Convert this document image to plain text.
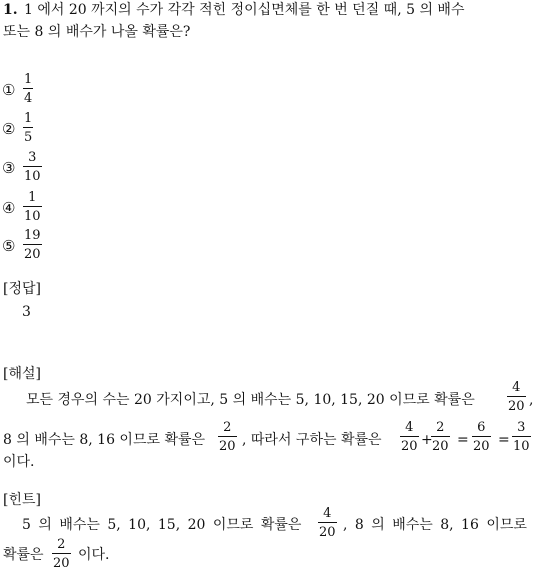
1. 1 에서 20 까지의 수가 각각 적힌 정이십면체를 한 번 던질 때, 5 의 배수
또는 8 의 배수가 나올 확률은?
①
1
4
②
1
5
③
3
10
④
1
10
⑤
19
20
[정답]
3
[해설]
모든 경우의 수는 20 가지이고, 5 의 배수는 5, 10, 15, 20 이므로 확률은
4
20 ,
8 의 배수는 8, 16 이므로 확률은
2
20 , 따라서 구하는 확률은
4
20 +
2
20 =
6
20 =
3
10
이다.
[힌트]
5 의 배수는 5, 10, 15, 20 이므로 확률은
4
20 , 8 의 배수는 8, 16 이므로
확률은
2
20
이다.
